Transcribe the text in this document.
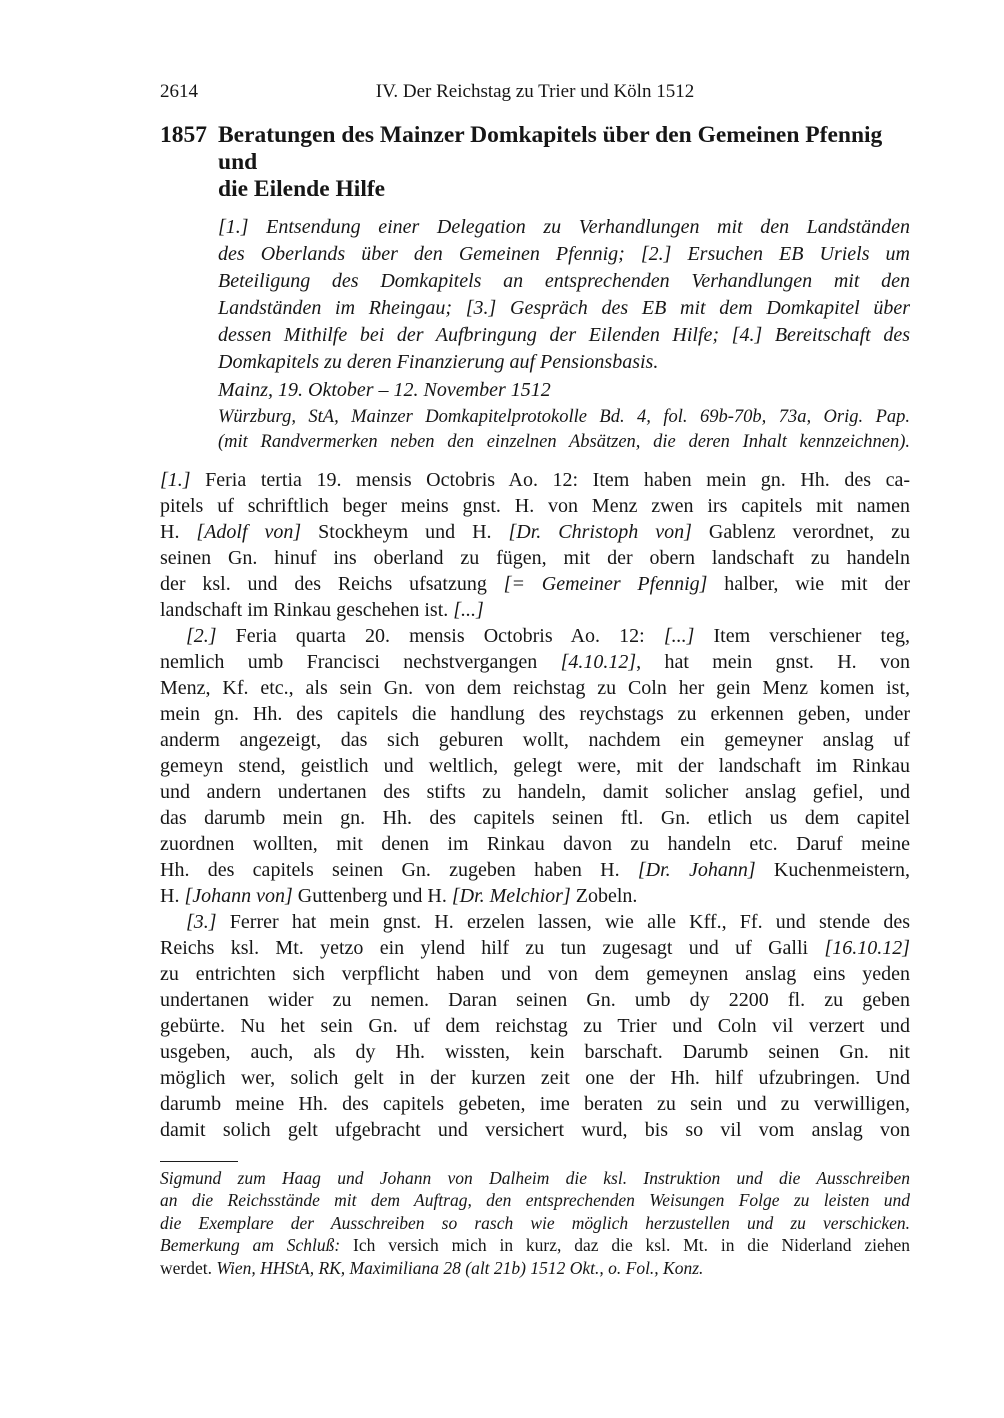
2614	IV. Der Reichstag zu Trier und Köln 1512
1857 Beratungen des Mainzer Domkapitels über den Gemeinen Pfennig und
die Eilende Hilfe
[1.] Entsendung einer Delegation zu Verhandlungen mit den Landständen
des Oberlands über den Gemeinen Pfennig; [2.] Ersuchen EB Uriels um
Beteiligung des Domkapitels an entsprechenden Verhandlungen mit den
Landständen im Rheingau; [3.] Gespräch des EB mit dem Domkapitel über
dessen Mithilfe bei der Aufbringung der Eilenden Hilfe; [4.] Bereitschaft des
Domkapitels zu deren Finanzierung auf Pensionsbasis.
Mainz, 19. Oktober – 12. November 1512
Würzburg, StA, Mainzer Domkapitelprotokolle Bd. 4, fol. 69b-70b, 73a, Orig. Pap.
(mit Randvermerken neben den einzelnen Absätzen, die deren Inhalt kennzeichnen).
[1.] Feria tertia 19. mensis Octobris Ao. 12: Item haben mein gn. Hh. des ca-
pitels uf schriftlich beger meins gnst. H. von Menz zwen irs capitels mit namen
H. [Adolf von] Stockheym und H. [Dr. Christoph von] Gablenz verordnet, zu
seinen Gn. hinuf ins oberland zu fügen, mit der obern landschaft zu handeln
der ksl. und des Reichs ufsatzung [= Gemeiner Pfennig] halber, wie mit der
landschaft im Rinkau geschehen ist. [...]
[2.] Feria quarta 20. mensis Octobris Ao. 12: [...] Item verschiener teg,
nemlich umb Francisci nechstvergangen [4.10.12], hat mein gnst. H. von
Menz, Kf. etc., als sein Gn. von dem reichstag zu Coln her gein Menz komen ist,
mein gn. Hh. des capitels die handlung des reychstags zu erkennen geben, under
anderm angezeigt, das sich geburen wollt, nachdem ein gemeyner anslag uf
gemeyn stend, geistlich und weltlich, gelegt were, mit der landschaft im Rinkau
und andern undertanen des stifts zu handeln, damit solicher anslag gefiel, und
das darumb mein gn. Hh. des capitels seinen ftl. Gn. etlich us dem capitel
zuordnen wollten, mit denen im Rinkau davon zu handeln etc. Daruf meine
Hh. des capitels seinen Gn. zugeben haben H. [Dr. Johann] Kuchenmeistern,
H. [Johann von] Guttenberg und H. [Dr. Melchior] Zobeln.
[3.] Ferrer hat mein gnst. H. erzelen lassen, wie alle Kff., Ff. und stende des
Reichs ksl. Mt. yetzo ein ylend hilf zu tun zugesagt und uf Galli [16.10.12]
zu entrichten sich verpflicht haben und von dem gemeynen anslag eins yeden
undertanen wider zu nemen. Daran seinen Gn. umb dy 2200 fl. zu geben
gebürte. Nu het sein Gn. uf dem reichstag zu Trier und Coln vil verzert und
usgeben, auch, als dy Hh. wissten, kein barschaft. Darumb seinen Gn. nit
möglich wer, solich gelt in der kurzen zeit one der Hh. hilf ufzubringen. Und
darumb meine Hh. des capitels gebeten, ime beraten zu sein und zu verwilligen,
damit solich gelt ufgebracht und versichert wurd, bis so vil vom anslag von
Sigmund zum Haag und Johann von Dalheim die ksl. Instruktion und die Ausschreiben
an die Reichsstände mit dem Auftrag, den entsprechenden Weisungen Folge zu leisten und
die Exemplare der Ausschreiben so rasch wie möglich herzustellen und zu verschicken.
Bemerkung am Schluß: Ich versich mich in kurz, daz die ksl. Mt. in die Niderland ziehen
werdet. Wien, HHStA, RK, Maximiliana 28 (alt 21b) 1512 Okt., o. Fol., Konz.
